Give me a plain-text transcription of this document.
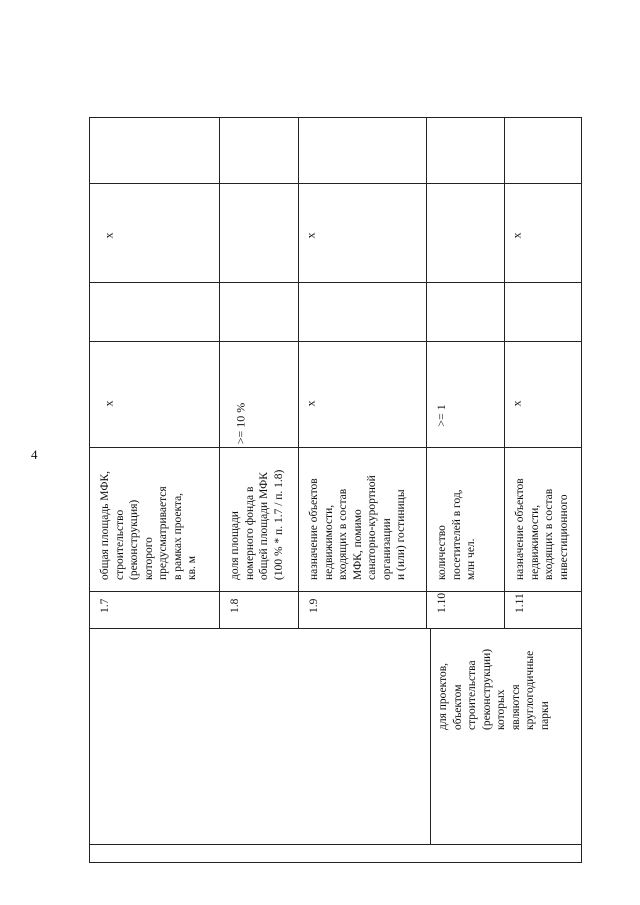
4
1.7
общая площадь МФК,
строительство
(реконструкция)
которого
предусматривается
в рамках проекта,
кв. м
х
х
1.8
доля площади
номерного фонда в
общей площади МФК
(100 % * п. 1.7 / п. 1.8)
>= 10 %
1.9
назначение объектов
недвижимости,
входящих в состав
МФК, помимо
санаторно-курортной
организации
и (или) гостиницы
х
х
1.10
количество
посетителей в год,
млн чел.
>= 1
1.11
назначение объектов
недвижимости,
входящих в состав
инвестиционного
х
х
для проектов,
объектом
строительства
(реконструкции)
которых
являются
круглогодичные
парки
